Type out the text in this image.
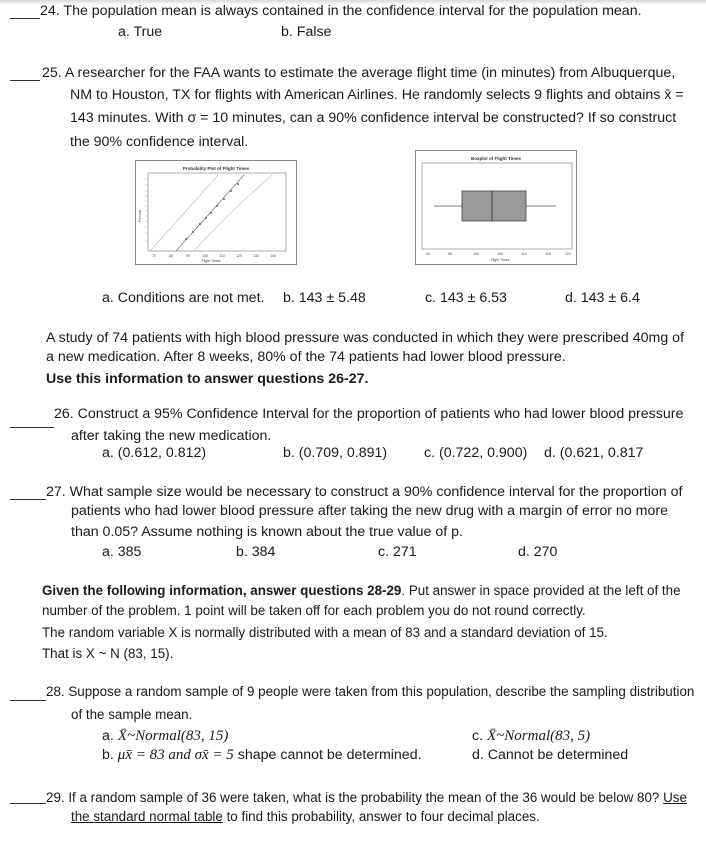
24. The population mean is always contained in the confidence interval for the population mean.
a. True	b. False
25. A researcher for the FAA wants to estimate the average flight time (in minutes) from Albuquerque,
NM to Houston, TX for flights with American Airlines. He randomly selects 9 flights and obtains x̄ =
143 minutes. With σ = 10 minutes, can a 90% confidence interval be constructed? If so construct
the 90% confidence interval.
Probability Plot of Flight Times
Percent
70	80	90	100	110	120	130	140
Flight Times
Boxplot of Flight Times
90	95	100	105	110	115	120
Flight Times
a. Conditions are not met. b. 143 ± 5.48	c. 143 ± 6.53	d. 143 ± 6.4
A study of 74 patients with high blood pressure was conducted in which they were prescribed 40mg of
a new medication. After 8 weeks, 80% of the 74 patients had lower blood pressure.
Use this information to answer questions 26-27.
26. Construct a 95% Confidence Interval for the proportion of patients who had lower blood pressure
after taking the new medication.
a. (0.612, 0.812)	b. (0.709, 0.891)	c. (0.722, 0.900) d. (0.621, 0.817
27. What sample size would be necessary to construct a 90% confidence interval for the proportion of
patients who had lower blood pressure after taking the new drug with a margin of error no more
than 0.05? Assume nothing is known about the true value of p.
a. 385	b. 384	c. 271	d. 270
Given the following information, answer questions 28-29. Put answer in space provided at the left of the
number of the problem. 1 point will be taken off for each problem you do not round correctly.
The random variable X is normally distributed with a mean of 83 and a standard deviation of 15.
That is X ~ N (83, 15).
28. Suppose a random sample of 9 people were taken from this population, describe the sampling distribution
of the sample mean.
a. X̄~Normal(83, 15)
b. μx̄ = 83 and σx̄ = 5 shape cannot be determined.
c. X̄~Normal(83, 5)
d. Cannot be determined
29. If a random sample of 36 were taken, what is the probability the mean of the 36 would be below 80? Use
the standard normal table to find this probability, answer to four decimal places.
